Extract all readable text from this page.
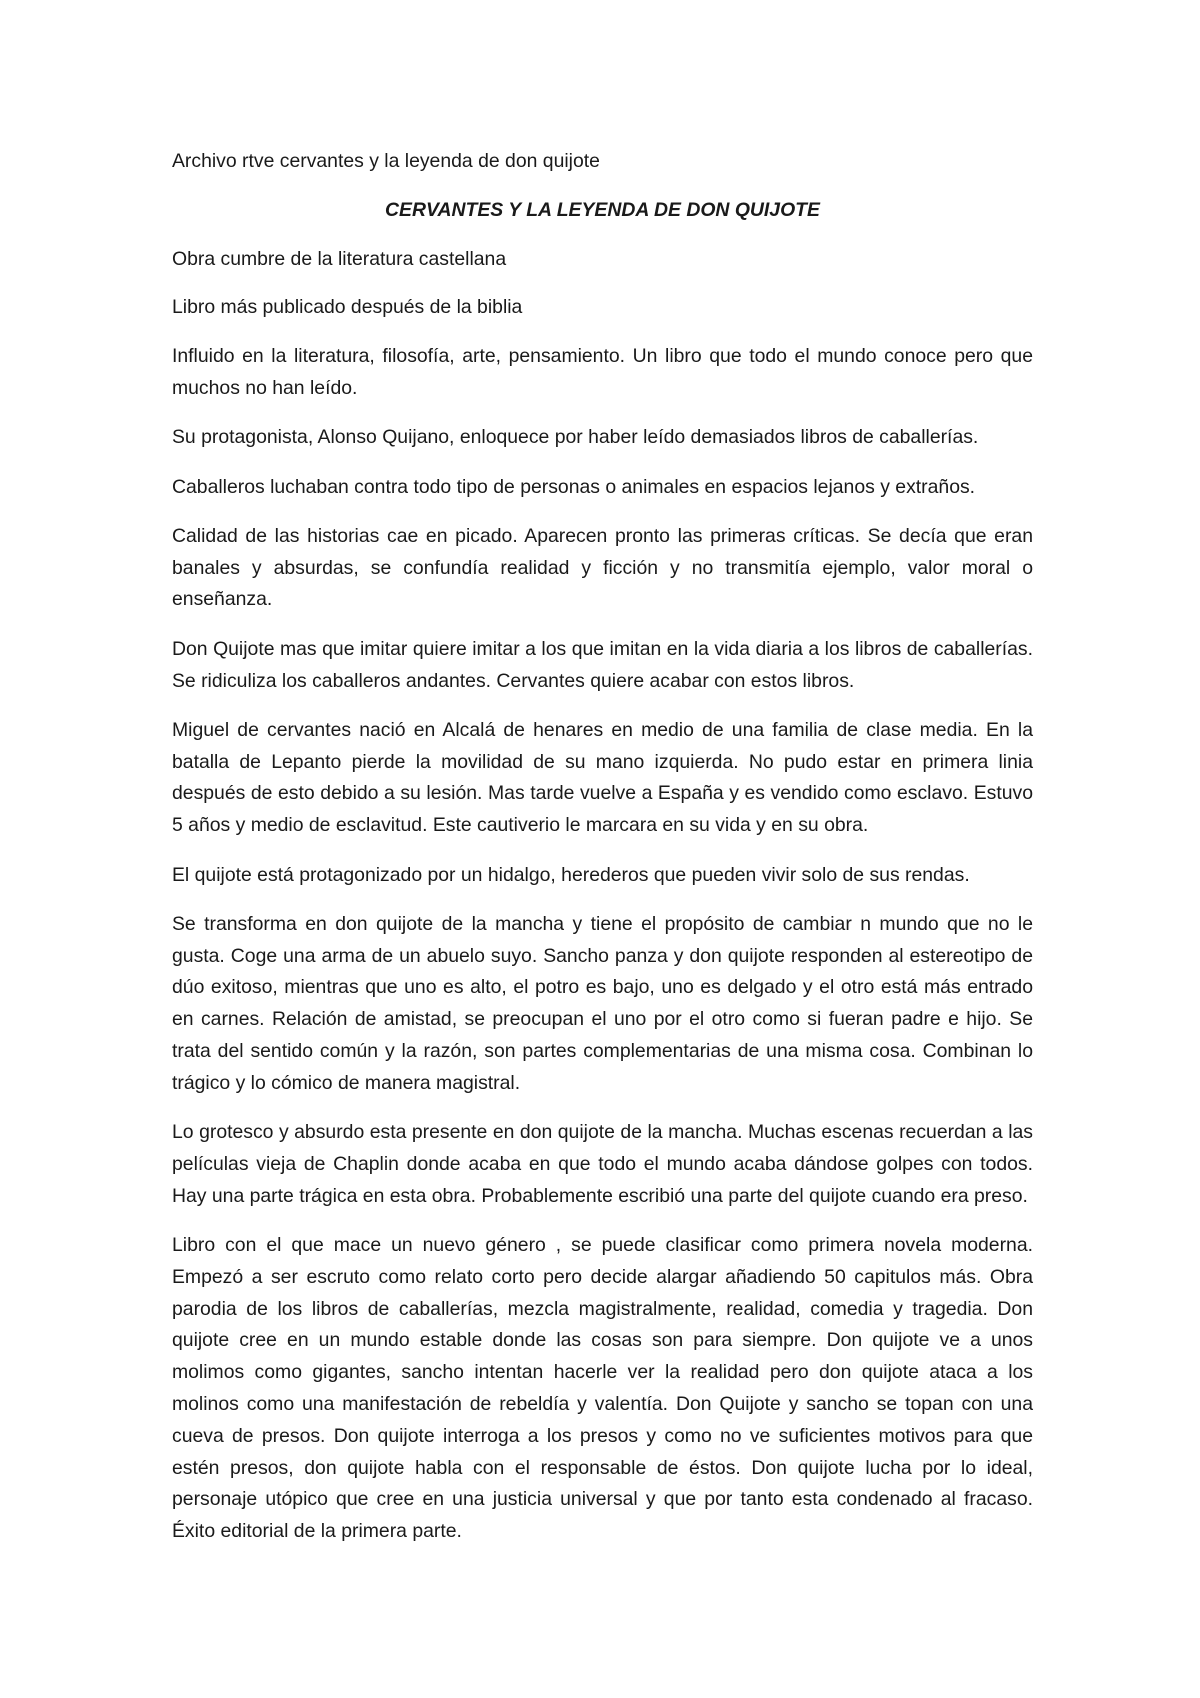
Archivo rtve cervantes y la leyenda de don quijote

CERVANTES Y LA LEYENDA DE DON QUIJOTE

Obra cumbre de la literatura castellana

Libro más publicado después de la biblia

Influido en la literatura, filosofía, arte, pensamiento. Un libro que todo el mundo conoce pero que muchos no han leído.

Su protagonista, Alonso Quijano, enloquece por haber leído demasiados libros de caballerías.

Caballeros luchaban contra todo tipo de personas o animales en espacios lejanos y extraños.

Calidad de las historias cae en picado. Aparecen pronto las primeras críticas. Se decía que eran banales y absurdas, se confundía realidad y ficción y no transmitía ejemplo, valor moral o enseñanza.

Don Quijote mas que imitar quiere imitar a los que imitan en la vida diaria a los libros de caballerías. Se ridiculiza los caballeros andantes. Cervantes quiere acabar con estos libros.

Miguel de cervantes nació en Alcalá de henares en medio de una familia de clase media. En la batalla de Lepanto pierde la movilidad de su mano izquierda. No pudo estar en primera linia después de esto debido a su lesión. Mas tarde vuelve a España y es vendido como esclavo. Estuvo 5 años y medio de esclavitud. Este cautiverio le marcara en su vida y en su obra.

El quijote está protagonizado por un hidalgo, herederos que pueden vivir solo de sus rendas.

Se transforma en don quijote de la mancha y tiene el propósito de cambiar n mundo que no le gusta. Coge una arma de un abuelo suyo. Sancho panza y don quijote responden al estereotipo de dúo exitoso, mientras que uno es alto, el potro es bajo, uno es delgado y el otro está más entrado en carnes. Relación de amistad, se preocupan el uno por el otro como si fueran padre e hijo. Se trata del sentido común y la razón, son partes complementarias de una misma cosa. Combinan lo trágico y lo cómico de manera magistral.

Lo grotesco y absurdo esta presente en don quijote de la mancha. Muchas escenas recuerdan a las películas vieja de Chaplin donde acaba en que todo el mundo acaba dándose golpes con todos. Hay una parte trágica en esta obra. Probablemente escribió una parte del quijote cuando era preso.

Libro con el que mace un nuevo género , se puede clasificar como primera novela moderna. Empezó a ser escruto como relato corto pero decide alargar añadiendo 50 capitulos más. Obra parodia de los libros de caballerías, mezcla magistralmente, realidad, comedia y tragedia. Don quijote cree en un mundo estable donde las cosas son para siempre. Don quijote ve a unos molimos como gigantes, sancho intentan hacerle ver la realidad pero don quijote ataca a los molinos como una manifestación de rebeldía y valentía. Don Quijote y sancho se topan con una cueva de presos. Don quijote interroga a los presos y como no ve suficientes motivos para que estén presos, don quijote habla con el responsable de éstos. Don quijote lucha por lo ideal, personaje utópico que cree en una justicia universal y que por tanto esta condenado al fracaso. Éxito editorial de la primera parte.
